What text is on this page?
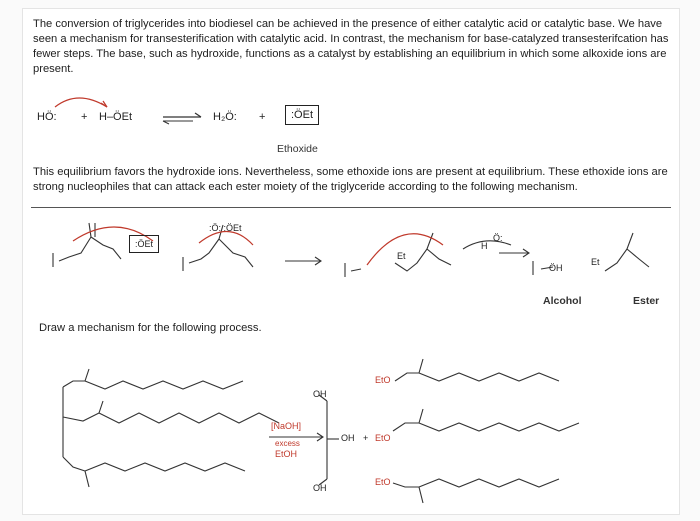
The conversion of triglycerides into biodiesel can be achieved in the presence of either catalytic acid or catalytic base. We have seen a mechanism for transesterification with catalytic acid. In contrast, the mechanism for base-catalyzed transesterifcation has fewer steps. The base, such as hydroxide, functions as a catalyst by establishing an equilibrium in which some alkoxide ions are present.
HÖ: + H–ÖEt	H₂Ö: +	:ÖEt
Ethoxide
This equilibrium favors the hydroxide ions. Nevertheless, some ethoxide ions are present at equilibrium. These ethoxide ions are strong nucleophiles that can attack each ester moiety of the triglyceride according to the following mechanism.
:ÖEt
:Ö: :ÖEt
Et
H
Ö:
ÖH
Alcohol
Et
Ester
Draw a mechanism for the following process.
[NaOH]
excess
EtOH
OH
OH
OH
+
EtO
EtO
EtO
